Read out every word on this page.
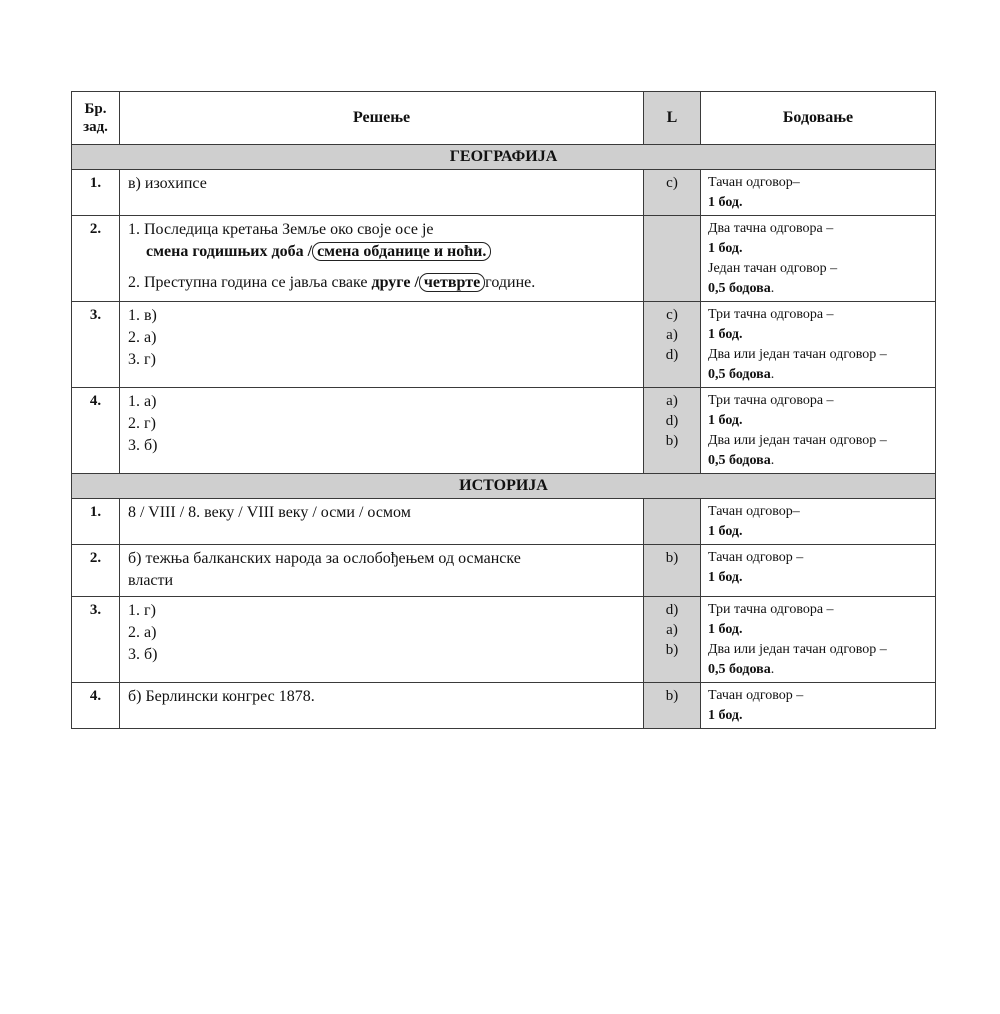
Бр.
зад.	Решење	L	Бодовање
ГЕОГРАФИЈА			
1.	в) изохипсе	c)	Тачан одговор–
1 бод.

2.	1. Последица кретања Земље око своје осе је
смена годишњих доба / смена обданице и ноћи.
2. Преступна година се јавља сваке друге / четврте године.		Два тачна одговора –
1 бод.
Један тачан одговор –
0,5 бодова.

3.	1. в)
2. а)
3. г)	c)
a)
d)	Три тачна одговора –
1 бод.
Два или један тачан одговор –
0,5 бодова.

4.	1. а)
2. г)
3. б)	a)
d)
b)	Три тачна одговора –
1 бод.
Два или један тачан одговор –
0,5 бодова.

ИСТОРИЈА			
1.	8 / VIII / 8. веку / VIII веку / осми / осмом		Тачан одговор–
1 бод.

2.	б) тежња балканских народа за ослобођењем од османске
власти	b)	Тачан одговор –
1 бод.

3.	1. г)
2. а)
3. б)	d)
a)
b)	Три тачна одговора –
1 бод.
Два или један тачан одговор –
0,5 бодова.

4.	б) Берлински конгрес 1878.	b)	Тачан одговор –
1 бод.
